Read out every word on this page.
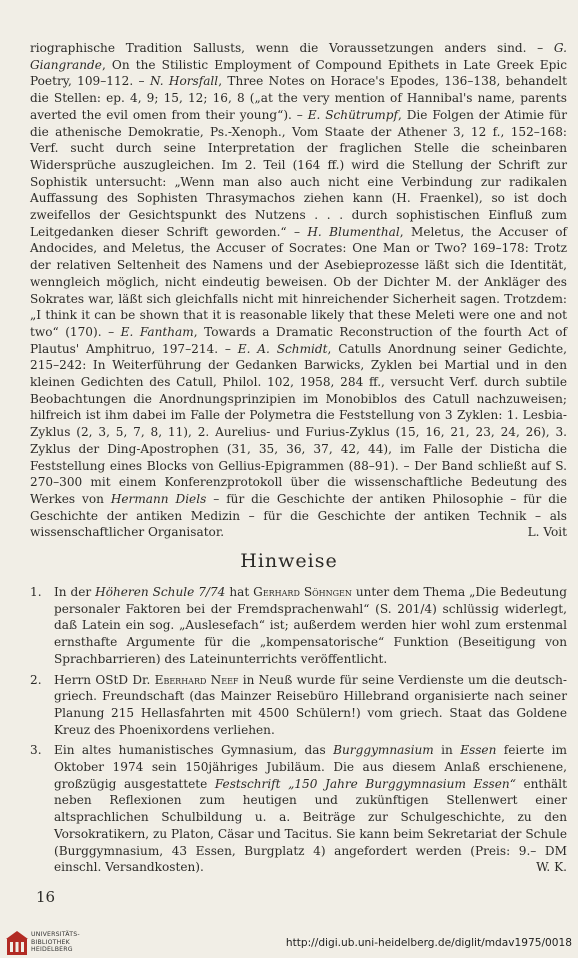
riographische Tradition Sallusts, wenn die Voraussetzungen anders sind. – G. Giangrande, On the Stilistic Employment of Compound Epithets in Late Greek Epic Poetry, 109–112. – N. Horsfall, Three Notes on Horace's Epodes, 136–138, behandelt die Stellen: ep. 4, 9; 15, 12; 16, 8 („at the very mention of Hannibal's name, parents averted the evil omen from their young“). – E. Schütrumpf, Die Folgen der Atimie für die athenische Demokratie, Ps.-Xenoph., Vom Staate der Athener 3, 12 f., 152–168: Verf. sucht durch seine Interpretation der fraglichen Stelle die scheinbaren Widersprüche auszugleichen. Im 2. Teil (164 ff.) wird die Stellung der Schrift zur Sophistik untersucht: „Wenn man also auch nicht eine Verbindung zur radikalen Auffassung des Sophisten Thrasymachos ziehen kann (H. Fraenkel), so ist doch zweifellos der Gesichtspunkt des Nutzens . . . durch sophistischen Einfluß zum Leitgedanken dieser Schrift geworden.“ – H. Blumenthal, Meletus, the Accuser of Andocides, and Meletus, the Accuser of Socrates: One Man or Two? 169–178: Trotz der relativen Seltenheit des Namens und der Asebieprozesse läßt sich die Identität, wenngleich möglich, nicht eindeutig beweisen. Ob der Dichter M. der Ankläger des Sokrates war, läßt sich gleichfalls nicht mit hinreichender Sicherheit sagen. Trotzdem: „I think it can be shown that it is reasonable likely that these Meleti were one and not two“ (170). – E. Fantham, Towards a Dramatic Reconstruction of the fourth Act of Plautus' Amphitruo, 197–214. – E. A. Schmidt, Catulls Anordnung seiner Gedichte, 215–242: In Weiterführung der Gedanken Barwicks, Zyklen bei Martial und in den kleinen Gedichten des Catull, Philol. 102, 1958, 284 ff., versucht Verf. durch subtile Beobachtungen die Anordnungsprinzipien im Monobiblos des Catull nachzuweisen; hilfreich ist ihm dabei im Falle der Polymetra die Feststellung von 3 Zyklen: 1. Lesbia-Zyklus (2, 3, 5, 7, 8, 11), 2. Aurelius- und Furius-Zyklus (15, 16, 21, 23, 24, 26), 3. Zyklus der Ding-Apostrophen (31, 35, 36, 37, 42, 44), im Falle der Disticha die Feststellung eines Blocks von Gellius-Epigrammen (88–91). – Der Band schließt auf S. 270–300 mit einem Konferenzprotokoll über die wissenschaftliche Bedeutung des Werkes von Hermann Diels – für die Geschichte der antiken Philosophie – für die Geschichte der antiken Medizin – für die Geschichte der antiken Technik – als wissenschaftlicher Organisator.	L. Voit

Hinweise
1.	In der Höheren Schule 7/74 hat Gerhard Söhngen unter dem Thema „Die Bedeutung personaler Faktoren bei der Fremdsprachenwahl“ (S. 201/4) schlüssig widerlegt, daß Latein ein sog. „Auslesefach“ ist; außerdem werden hier wohl zum erstenmal ernsthafte Argumente für die „kompensatorische“ Funktion (Beseitigung von Sprachbarrieren) des Lateinunterrichts veröffentlicht.
2.	Herrn OStD Dr. Eberhard Neef in Neuß wurde für seine Verdienste um die deutsch-griech. Freundschaft (das Mainzer Reisebüro Hillebrand organisierte nach seiner Planung 215 Hellasfahrten mit 4500 Schülern!) vom griech. Staat das Goldene Kreuz des Phoenixordens verliehen.
3.	Ein altes humanistisches Gymnasium, das Burggymnasium in Essen feierte im Oktober 1974 sein 150jähriges Jubiläum. Die aus diesem Anlaß erschienene, großzügig ausgestattete Festschrift „150 Jahre Burggymnasium Essen“ enthält neben Reflexionen zum heutigen und zukünftigen Stellenwert einer altsprachlichen Schulbildung u. a. Beiträge zur Schulgeschichte, zu den Vorsokratikern, zu Platon, Cäsar und Tacitus. Sie kann beim Sekretariat der Schule (Burggymnasium, 43 Essen, Burgplatz 4) angefordert werden (Preis: 9.– DM einschl. Versandkosten).	W. K.
16
UNIVERSITÄTS-
BIBLIOTHEK
HEIDELBERG
http://digi.ub.uni-heidelberg.de/diglit/mdav1975/0018
